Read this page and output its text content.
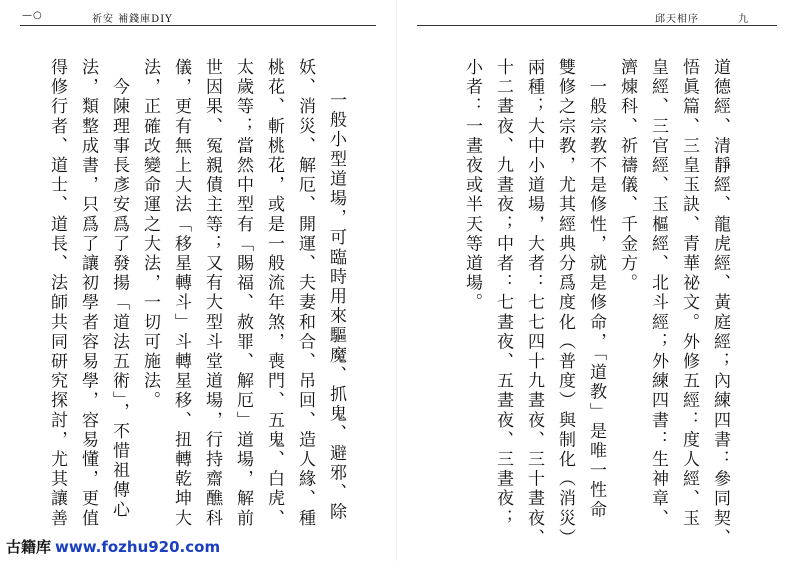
—○	祈安 補錢庫DIY
一般小型道場，可臨時用來驅魔、抓鬼、避邪、除
妖、消災、解厄、開運、夫妻和合、吊回、造人緣、種
桃花、斬桃花，或是一般流年煞，喪門、五鬼、白虎、
太歲等；當然中型有「賜福、赦罪、解厄」道場，解前
世因果、冤親債主等；又有大型斗堂道場，行持齋醮科
儀，更有無上大法「移星轉斗」斗轉星移、扭轉乾坤大
法，正確改變命運之大法，一切可施法。
　今陳理事長彥安爲了發揚「道法五術」，不惜祖傳心
法，類整成書，只爲了讓初學者容易學，容易懂，更值
得修行者、道士、道長、法師共同研究探討，尤其讓善
邱天相序	九
道德經、清靜經、龍虎經、黃庭經；內練四書：參同契、
悟眞篇、三皇玉訣、青華祕文。外修五經：度人經、玉
皇經、三官經、玉樞經、北斗經；外練四書：生神章、
濟煉科、祈禱儀、千金方。
　一般宗教不是修性，就是修命，「道教」是唯一性命
雙修之宗教，尤其經典分爲度化（普度）與制化（消災）
兩種；大中小道場，大者：七七四十九晝夜、三十晝夜、
十二晝夜、九晝夜；中者：七晝夜、五晝夜、三晝夜；
小者：一晝夜或半天等道場。
古籍库 www.fozhu920.com
